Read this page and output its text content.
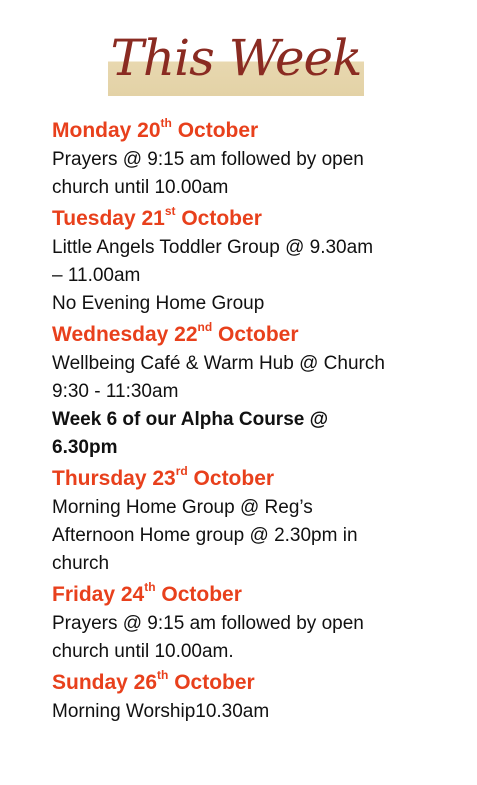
This Week
Monday 20th October
Prayers @ 9:15 am followed by open
church until 10.00am
Tuesday 21st October
Little Angels Toddler Group @ 9.30am
– 11.00am
No Evening Home Group
Wednesday 22nd October
Wellbeing Café & Warm Hub @ Church
9:30 - 11:30am
Week 6 of our Alpha Course @
6.30pm
Thursday 23rd October
Morning Home Group @ Reg’s
Afternoon Home group @ 2.30pm in
church
Friday 24th October
Prayers @ 9:15 am followed by open
church until 10.00am.
Sunday 26th October
Morning Worship10.30am
